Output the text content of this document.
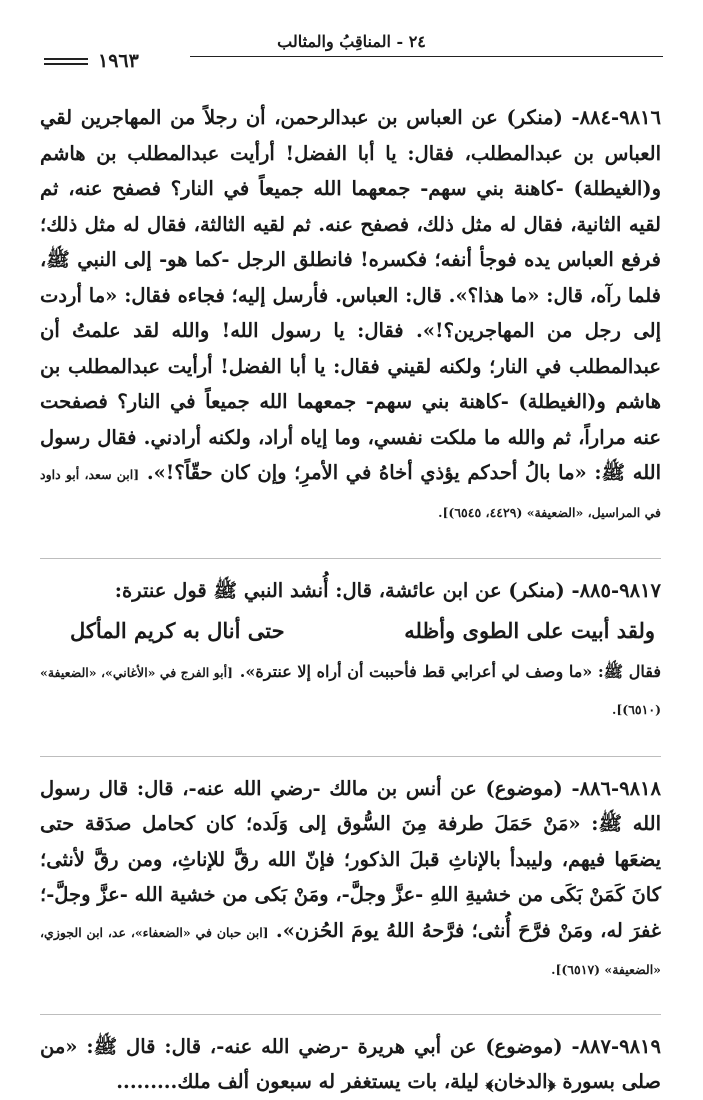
٢٤ - المناقِبُ والمثالب
١٩٦٣

٩٨١٦-٨٨٤- (منكر) عن العباس بن عبدالرحمن، أن رجلاً من المهاجرين لقي العباس بن عبدالمطلب، فقال: يا أبا الفضل! أرأيت عبدالمطلب بن هاشم و(الغيطلة) -كاهنة بني سهم- جمعهما الله جميعاً في النار؟ فصفح عنه، ثم لقيه الثانية، فقال له مثل ذلك، فصفح عنه. ثم لقيه الثالثة، فقال له مثل ذلك؛ فرفع العباس يده فوجأ أنفه؛ فكسره! فانطلق الرجل -كما هو- إلى النبي ﷺ، فلما رآه، قال: «ما هذا؟». قال: العباس. فأرسل إليه؛ فجاءه فقال: «ما أردت إلى رجل من المهاجرين؟!». فقال: يا رسول الله! والله لقد علمتُ أن عبدالمطلب في النار؛ ولكنه لقيني فقال: يا أبا الفضل! أرأيت عبدالمطلب بن هاشم و(الغيطلة) -كاهنة بني سهم- جمعهما الله جميعاً في النار؟ فصفحت عنه مراراً، ثم والله ما ملكت نفسي، وما إياه أراد، ولكنه أرادني. فقال رسول الله ﷺ: «ما بالُ أحدكم يؤذي أخاهُ في الأمرِ؛ وإن كان حقّاً؟!». [ابن سعد، أبو داود في المراسيل، «الضعيفة» (٤٤٢٩، ٦٥٤٥)].

٩٨١٧-٨٨٥- (منكر) عن ابن عائشة، قال: أُنشد النبي ﷺ قول عنترة:

ولقد أبيت على الطوى وأظله
حتى أنال به كريم المأكل

فقال ﷺ: «ما وصف لي أعرابي قط فأحببت أن أراه إلا عنترة». [أبو الفرج في «الأغاني»، «الضعيفة» (٦٥١٠)].

٩٨١٨-٨٨٦- (موضوع) عن أنس بن مالك -رضي الله عنه-، قال: قال رسول الله ﷺ: «مَنْ حَمَلَ طرفة مِنَ السُّوق إلى وَلَده؛ كان كحامل صدَقة حتى يضعَها فيهم، وليبدأ بالإناثِ قبلَ الذكور؛ فإنّ الله رقَّ للإناثِ، ومن رقَّ لأنثى؛ كانَ كَمَنْ بَكَى من خشيةِ اللهِ -عزَّ وجلَّ-، ومَنْ بَكى من خشية الله -عزَّ وجلَّ-؛ غفرَ له، ومَنْ فرَّحَ أُنثى؛ فرَّحهُ اللهُ يومَ الحُزن». [ابن حبان في «الضعفاء»، عد، ابن الجوزي، «الضعيفة» (٦٥١٧)].

٩٨١٩-٨٨٧- (موضوع) عن أبي هريرة -رضي الله عنه-، قال: قال ﷺ: «من صلى بسورة ﴿الدخان﴾ ليلة، بات يستغفر له سبعون ألف ملك.........
